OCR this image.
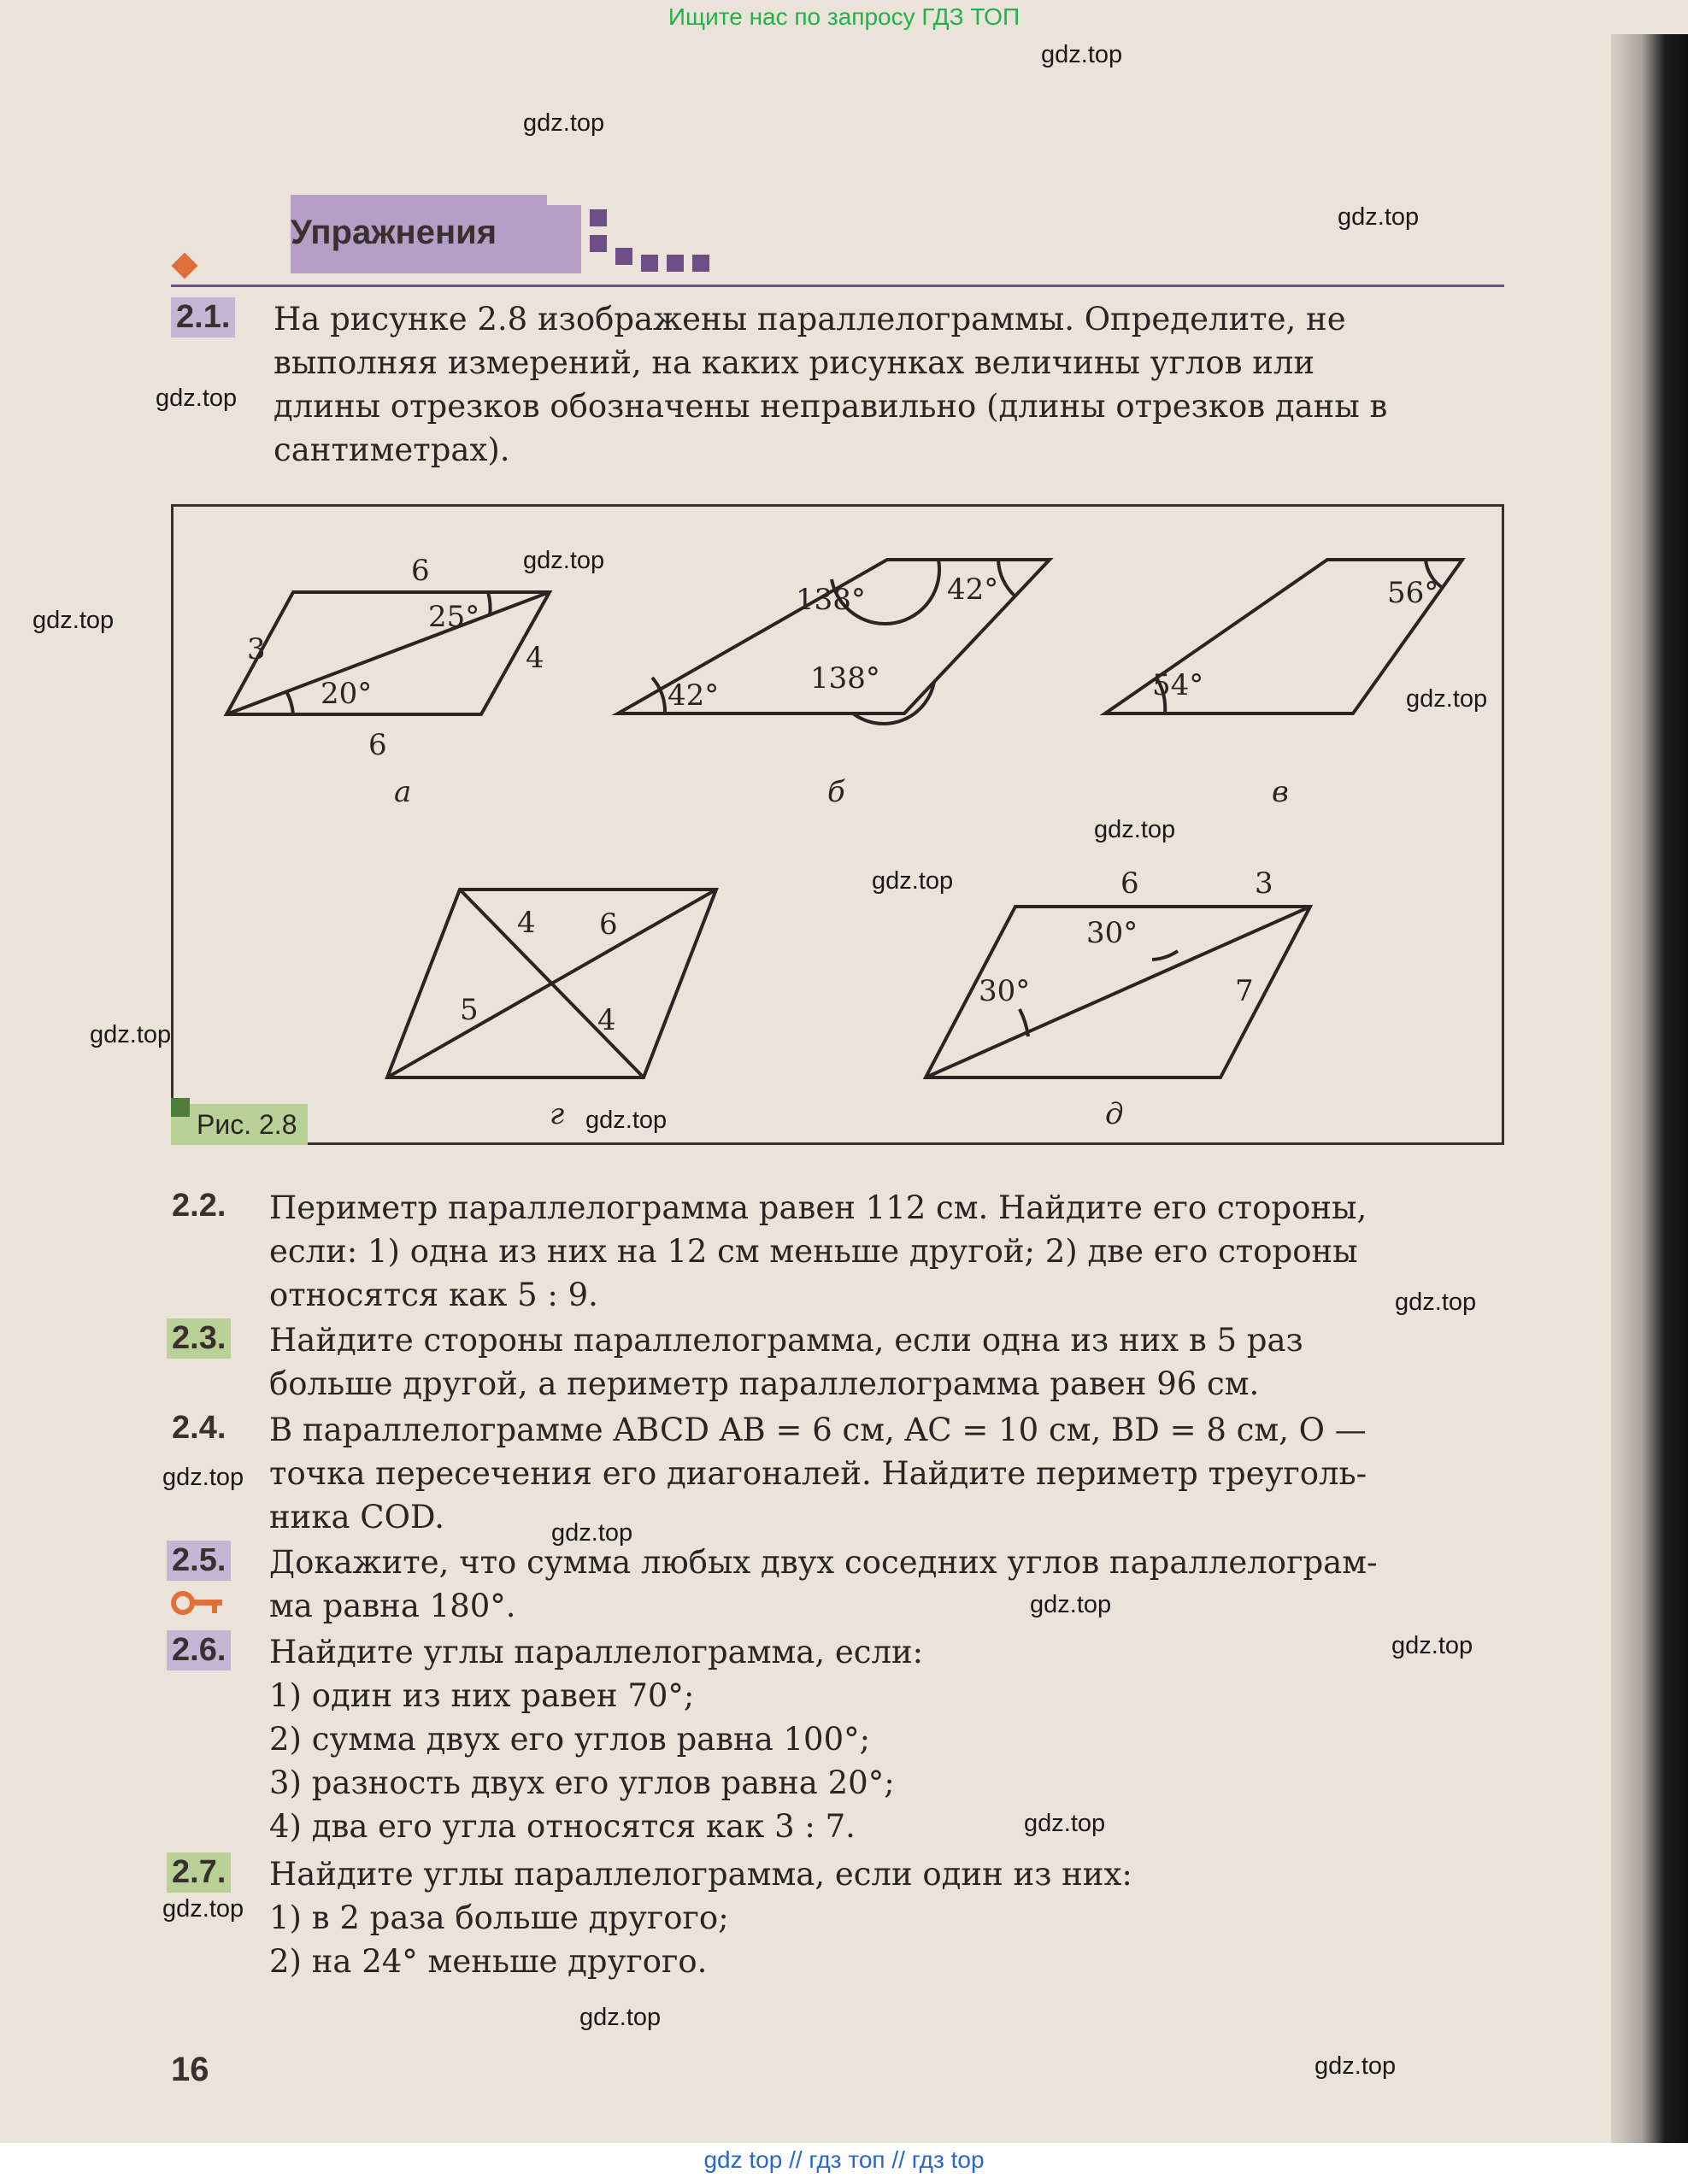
Ищите нас по запросу ГДЗ ТОП
Упражнения
2.1. На рисунке 2.8 изображены параллелограммы. Определите, не
выполняя измерений, на каких рисунках величины углов или
длины отрезков обозначены неправильно (длины отрезков даны в
сантиметрах).
6
3	4
6
25°
20°
а
138°	42°
42°	138°
б
56°
54°
в
4 6
5	4
г
6	3
7
30°
30°
д
Рис. 2.8
2.2. Периметр параллелограмма равен 112 см. Найдите его стороны,
если: 1) одна из них на 12 см меньше другой; 2) две его стороны
относятся как 5 : 9.
2.3. Найдите стороны параллелограмма, если одна из них в 5 раз
больше другой, а периметр параллелограмма равен 96 см.
2.4. В параллелограмме ABCD AB = 6 см, AC = 10 см, BD = 8 см, O —
точка пересечения его диагоналей. Найдите периметр треуголь-
ника COD.
2.5. Докажите, что сумма любых двух соседних углов параллелограм-
ма равна 180°.
2.6. Найдите углы параллелограмма, если:
1) один из них равен 70°;
2) сумма двух его углов равна 100°;
3) разность двух его углов равна 20°;
4) два его угла относятся как 3 : 7.
2.7. Найдите углы параллелограмма, если один из них:
1) в 2 раза больше другого;
2) на 24° меньше другого.
16
gdz.top
gdz.top
gdz.top
gdz.top
gdz.top
gdz.top
gdz.top
gdz.top
gdz.top
gdz.top
gdz.top
gdz.top
gdz.top
gdz.top
gdz.top
gdz.top
gdz.top
gdz.top
gdz.top
gdz.top
gdz top // гдз топ // гдз top
